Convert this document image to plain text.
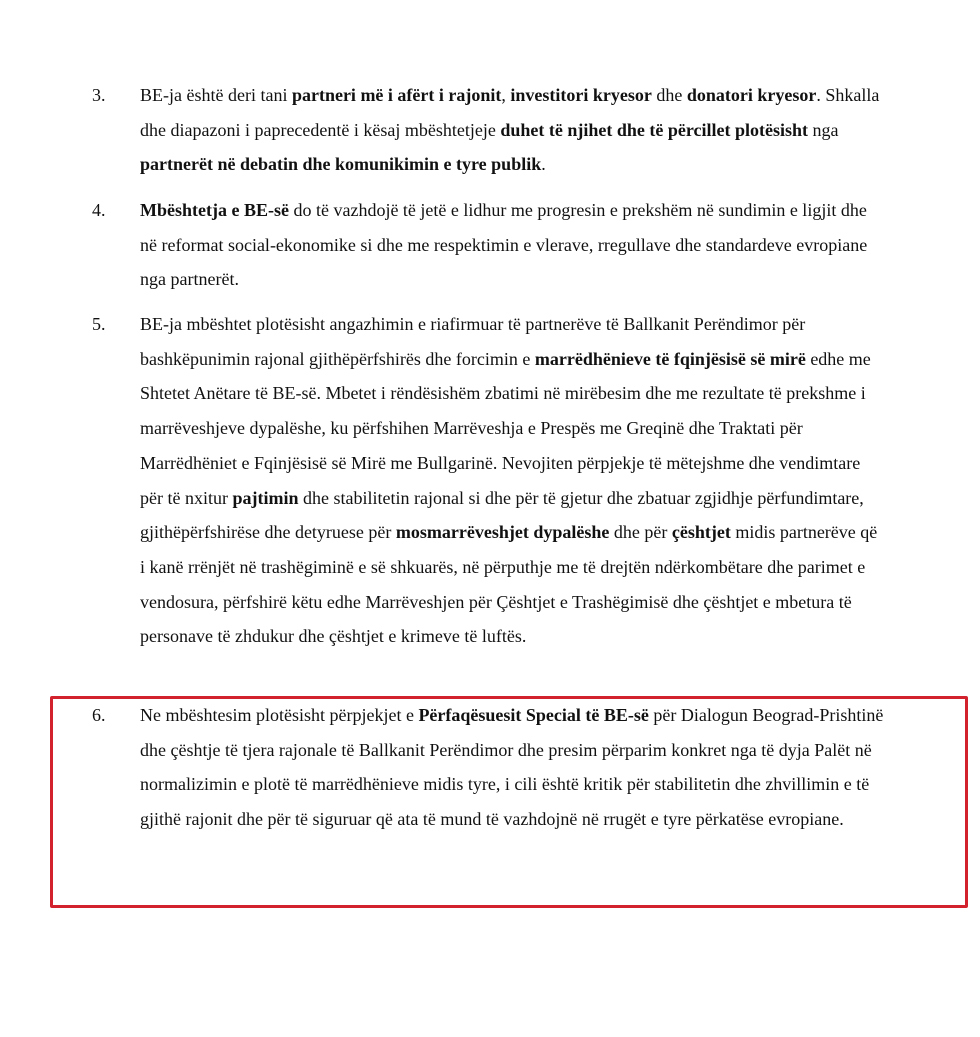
3. BE-ja është deri tani partneri më i afërt i rajonit, investitori kryesor dhe donatori kryesor. Shkalla dhe diapazoni i paprecedentë i kësaj mbështetjeje duhet të njihet dhe të përcillet plotësisht nga partnerët në debatin dhe komunikimin e tyre publik.
4. Mbështetja e BE-së do të vazhdojë të jetë e lidhur me progresin e prekshëm në sundimin e ligjit dhe në reformat social-ekonomike si dhe me respektimin e vlerave, rregullave dhe standardeve evropiane nga partnerët.
5. BE-ja mbështet plotësisht angazhimin e riafirmuar të partnerëve të Ballkanit Perëndimor për bashkëpunimin rajonal gjithëpërfshirës dhe forcimin e marrëdhënieve të fqinjësisë së mirë edhe me Shtetet Anëtare të BE-së. Mbetet i rëndësishëm zbatimi në mirëbesim dhe me rezultate të prekshme i marrëveshjeve dypalëshe, ku përfshihen Marrëveshja e Prespës me Greqinë dhe Traktati për Marrëdhëniet e Fqinjësisë së Mirë me Bullgarinë. Nevojiten përpjekje të mëtejshme dhe vendimtare për të nxitur pajtimin dhe stabilitetin rajonal si dhe për të gjetur dhe zbatuar zgjidhje përfundimtare, gjithëpërfshirëse dhe detyruese për mosmarrëveshjet dypalëshe dhe për çështjet midis partnerëve që i kanë rrënjët në trashëgiminë e së shkuarës, në përputhje me të drejtën ndërkombëtare dhe parimet e vendosura, përfshirë këtu edhe Marrëveshjen për Çështjet e Trashëgimisë dhe çështjet e mbetura të personave të zhdukur dhe çështjet e krimeve të luftës.
6. Ne mbështesim plotësisht përpjekjet e Përfaqësuesit Special të BE-së për Dialogun Beograd-Prishtinë dhe çështje të tjera rajonale të Ballkanit Perëndimor dhe presim përparim konkret nga të dyja Palët në normalizimin e plotë të marrëdhënieve midis tyre, i cili është kritik për stabilitetin dhe zhvillimin e të gjithë rajonit dhe për të siguruar që ata të mund të vazhdojnë në rrugët e tyre përkatëse evropiane.
